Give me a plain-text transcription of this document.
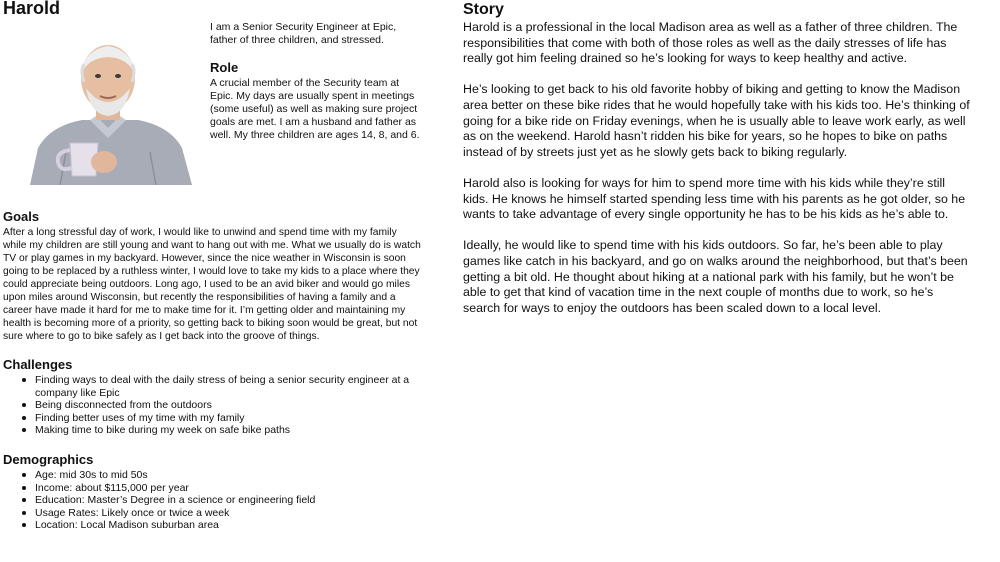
Harold
I am a Senior Security Engineer at Epic, father of three children, and stressed.
Role
A crucial member of the Security team at Epic. My days are usually spent in meetings (some useful) as well as making sure project goals are met. I am a husband and father as well. My three children are ages 14, 8, and 6.
Goals
After a long stressful day of work, I would like to unwind and spend time with my family while my children are still young and want to hang out with me. What we usually do is watch TV or play games in my backyard. However, since the nice weather in Wisconsin is soon going to be replaced by a ruthless winter, I would love to take my kids to a place where they could appreciate being outdoors. Long ago, I used to be an avid biker and would go miles upon miles around Wisconsin, but recently the responsibilities of having a family and a career have made it hard for me to make time for it. I’m getting older and maintaining my health is becoming more of a priority, so getting back to biking soon would be great, but not sure where to go to bike safely as I get back into the groove of things.
Challenges
Finding ways to deal with the daily stress of being a senior security engineer at a company like Epic
Being disconnected from the outdoors
Finding better uses of my time with my family
Making time to bike during my week on safe bike paths
Demographics
Age: mid 30s to mid 50s
Income: about $115,000 per year
Education: Master’s Degree in a science or engineering field
Usage Rates: Likely once or twice a week
Location: Local Madison suburban area
Story

Harold is a professional in the local Madison area as well as a father of three children. The responsibilities that come with both of those roles as well as the daily stresses of life has really got him feeling drained so he’s looking for ways to keep healthy and active.

He’s looking to get back to his old favorite hobby of biking and getting to know the Madison area better on these bike rides that he would hopefully take with his kids too. He’s thinking of going for a bike ride on Friday evenings, when he is usually able to leave work early, as well as on the weekend. Harold hasn’t ridden his bike for years, so he hopes to bike on paths instead of by streets just yet as he slowly gets back to biking regularly.

Harold also is looking for ways for him to spend more time with his kids while they’re still kids. He knows he himself started spending less time with his parents as he got older, so he wants to take advantage of every single opportunity he has to be his kids as he’s able to.

Ideally, he would like to spend time with his kids outdoors. So far, he’s been able to play games like catch in his backyard, and go on walks around the neighborhood, but that’s been getting a bit old. He thought about hiking at a national park with his family, but he won’t be able to get that kind of vacation time in the next couple of months due to work, so he’s search for ways to enjoy the outdoors has been scaled down to a local level.
